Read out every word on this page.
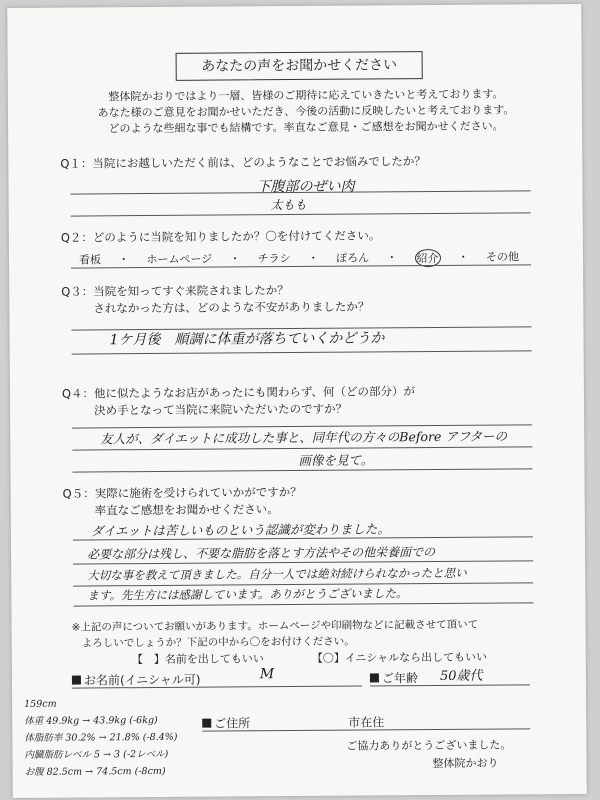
あなたの声をお聞かせください
整体院かおりではより一層、皆様のご期待に応えていきたいと考えております。
あなた様のご意見をお聞かせいただき、今後の活動に反映したいと考えております。
どのような些細な事でも結構です。率直なご意見・ご感想をお聞かせください。
Q１：当院にお越しいただく前は、どのようなことでお悩みでしたか？
下腹部のぜい肉
太もも
Q２：どのように当院を知りましたか？〇を付けてください。
看板 ・ ホームページ ・ チラシ ・ ぽろん ・ 紹介 ・ その他
Q３：当院を知ってすぐ来院されましたか？
されなかった方は、どのような不安がありましたか？
1ケ月後　順調に体重が落ちていくかどうか
Q４：他に似たようなお店があったにも関わらず、何（どの部分）が
決め手となって当院に来院いただいたのですか？
友人が、ダイエットに成功した事と、同年代の方々のBefore アフターの
画像を見て。
Q５：実際に施術を受けられていかがですか？
率直なご感想をお聞かせください。
ダイエットは苦しいものという認識が変わりました。
必要な部分は残し、不要な脂肪を落とす方法やその他栄養面での
大切な事を教えて頂きました。自分一人では絶対続けられなかったと思い
ます。先生方には感謝しています。ありがとうございました。
※上記の声についてお願いがあります。ホームページや印刷物などに記載させて頂いて
よろしいでしょうか？下記の中から〇をお付けください。
【　】名前を出してもいい	【〇】イニシャルなら出してもいい
お名前(イニシャル可)	M	ご年齢 50歳代
ご住所	市在住
ご協力ありがとうございました。
整体院かおり
159cm
体重 49.9kg → 43.9kg (-6kg)
体脂肪率 30.2% → 21.8% (-8.4%)
内臓脂肪レベル 5 → 3 (-2レベル)
お腹 82.5cm → 74.5cm (-8cm)
